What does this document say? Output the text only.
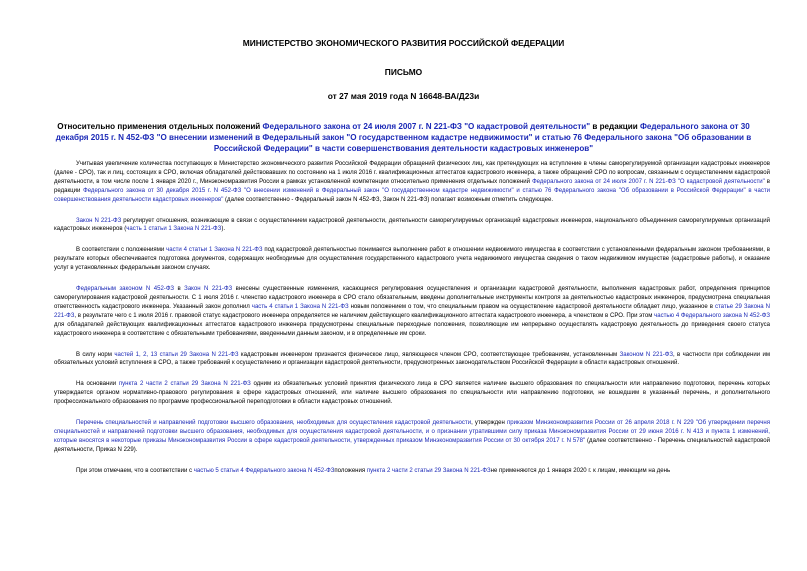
МИНИСТЕРСТВО ЭКОНОМИЧЕСКОГО РАЗВИТИЯ РОССИЙСКОЙ ФЕДЕРАЦИИ
ПИСЬМО
от 27 мая 2019 года N 16648-ВА/Д23и
Относительно применения отдельных положений Федерального закона от 24 июля 2007 г. N 221-ФЗ "О кадастровой деятельности" в редакции Федерального закона от 30 декабря 2015 г. N 452-ФЗ "О внесении изменений в Федеральный закон "О государственном кадастре недвижимости" и статью 76 Федерального закона "Об образовании в Российской Федерации" в части совершенствования деятельности кадастровых инженеров"

Учитывая увеличение количества поступающих в Министерство экономического развития Российской Федерации обращений физических лиц, как претендующих на вступление в члены саморегулируемой организации кадастровых инженеров (далее - СРО), так и лиц, состоящих в СРО, включая обладателей действовавших по состоянию на 1 июля 2016 г. квалификационных аттестатов кадастрового инженера, а также обращений СРО по вопросам, связанным с осуществлением кадастровой деятельности, в том числе после 1 января 2020 г., Минэкономразвития России в рамках установленной компетенции относительно применения отдельных положений Федерального закона от 24 июля 2007 г. N 221-ФЗ "О кадастровой деятельности" в редакции Федерального закона от 30 декабря 2015 г. N 452-ФЗ "О внесении изменений в Федеральный закон "О государственном кадастре недвижимости" и статью 76 Федерального закона "Об образовании в Российской Федерации" в части совершенствования деятельности кадастровых инженеров" (далее соответственно - Федеральный закон N 452-ФЗ, Закон N 221-ФЗ) полагает возможным отметить следующее.

Закон N 221-ФЗ регулирует отношения, возникающие в связи с осуществлением кадастровой деятельности, деятельности саморегулируемых организаций кадастровых инженеров, национального объединения саморегулируемых организаций кадастровых инженеров (часть 1 статьи 1 Закона N 221-ФЗ).

В соответствии с положениями части 4 статьи 1 Закона N 221-ФЗ под кадастровой деятельностью понимается выполнение работ в отношении недвижимого имущества в соответствии с установленными федеральным законом требованиями, в результате которых обеспечивается подготовка документов, содержащих необходимые для осуществления государственного кадастрового учета недвижимого имущества сведения о таком недвижимом имуществе (кадастровые работы), и оказание услуг в установленных федеральным законом случаях.

Федеральным законом N 452-ФЗ в Закон N 221-ФЗ внесены существенные изменения, касающиеся регулирования осуществления и организации кадастровой деятельности, выполнения кадастровых работ, определения принципов саморегулирования кадастровой деятельности. С 1 июля 2016 г. членство кадастрового инженера в СРО стало обязательным, введены дополнительные инструменты контроля за деятельностью кадастровых инженеров, предусмотрена специальная ответственность кадастрового инженера. Указанный закон дополнил часть 4 статьи 1 Закона N 221-ФЗ новым положением о том, что специальным правом на осуществление кадастровой деятельности обладает лицо, указанное в статье 29 Закона N 221-ФЗ, в результате чего с 1 июля 2016 г. правовой статус кадастрового инженера определяется не наличием действующего квалификационного аттестата кадастрового инженера, а членством в СРО. При этом частью 4 Федерального закона N 452-ФЗ для обладателей действующих квалификационных аттестатов кадастрового инженера предусмотрены специальные переходные положения, позволяющие им непрерывно осуществлять кадастровую деятельность до приведения своего статуса кадастрового инженера в соответствие с обязательными требованиями, введенными данным законом, и в определенные им сроки.

В силу норм частей 1, 2, 13 статьи 29 Закона N 221-ФЗ кадастровым инженером признается физическое лицо, являющееся членом СРО, соответствующее требованиям, установленным Законом N 221-ФЗ, в частности при соблюдении им обязательных условий вступления в СРО, а также требований к осуществлению и организации кадастровой деятельности, предусмотренных законодательством Российской Федерации в области кадастровых отношений.

На основании пункта 2 части 2 статьи 29 Закона N 221-ФЗ одним из обязательных условий принятия физического лица в СРО является наличие высшего образования по специальности или направлению подготовки, перечень которых утверждается органом нормативно-правового регулирования в сфере кадастровых отношений, или наличие высшего образования по специальности или направлению подготовки, не вошедшим в указанный перечень, и дополнительного профессионального образования по программе профессиональной переподготовки в области кадастровых отношений.

Перечень специальностей и направлений подготовки высшего образования, необходимых для осуществления кадастровой деятельности, утвержден приказом Минэкономразвития России от 26 апреля 2018 г. N 229 "Об утверждении перечня специальностей и направлений подготовки высшего образования, необходимых для осуществления кадастровой деятельности, и о признании утратившими силу приказа Минэкономразвития России от 29 июня 2016 г. N 413 и пункта 1 изменений, которые вносятся в некоторые приказы Минэкономразвития России в сфере кадастровой деятельности, утвержденных приказом Минэкономразвития России от 30 октября 2017 г. N 578" (далее соответственно - Перечень специальностей кадастровой деятельности, Приказ N 229).

При этом отмечаем, что в соответствии с частью 5 статьи 4 Федерального закона N 452-ФЗположения пункта 2 части 2 статьи 29 Закона N 221-ФЗне применяются до 1 января 2020 г. к лицам, имеющим на день
